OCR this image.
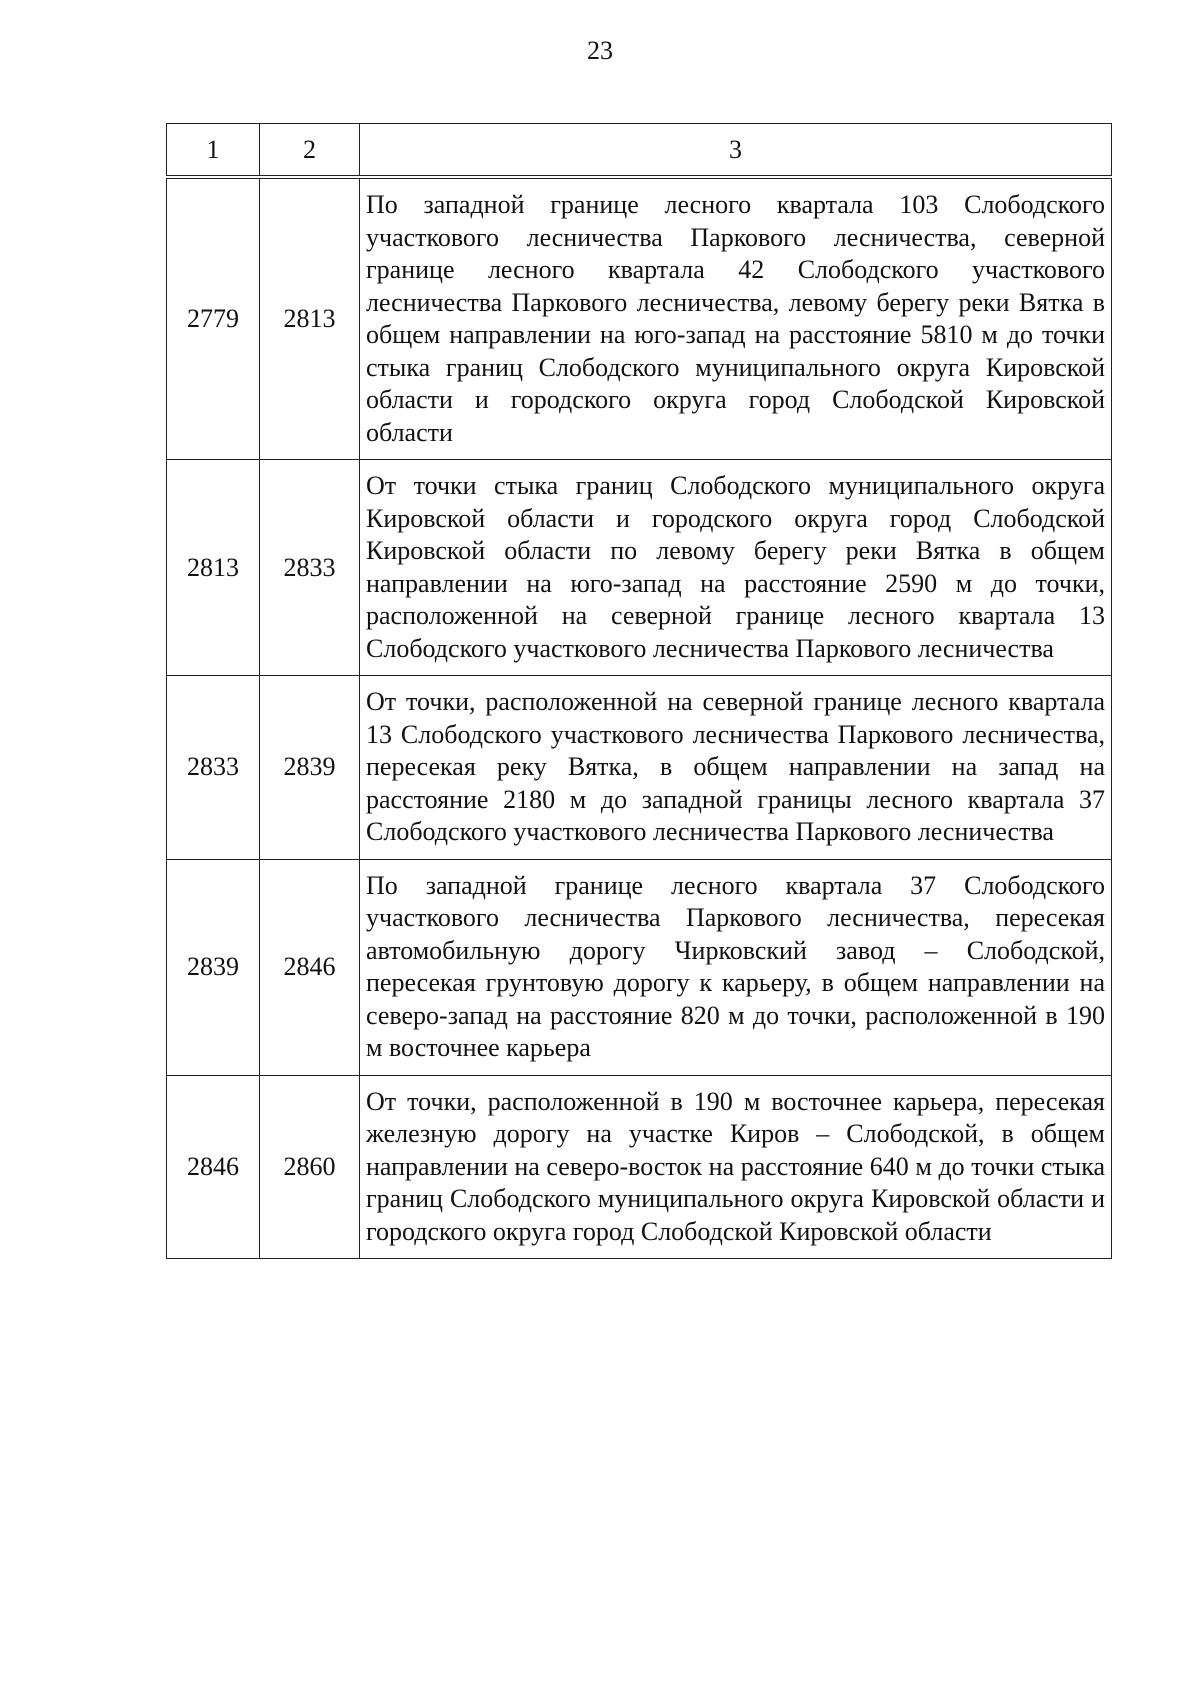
23
1	2	3
2779	2813	По западной границе лесного квартала 103 Слободского участкового лесничества Паркового лесничества, северной границе лесного квартала 42 Слободского участкового лесничества Паркового лесничества, левому берегу реки Вятка в общем направлении на юго-запад на расстояние 5810 м до точки стыка границ Слободского муниципального округа Кировской области и городского округа город Слободской Кировской области

2813	2833	От точки стыка границ Слободского муниципального округа Кировской области и городского округа город Слободской Кировской области по левому берегу реки Вятка в общем направлении на юго-запад на расстояние 2590 м до точки, расположенной на северной границе лесного квартала 13 Слободского участкового лесничества Паркового лесничества

2833	2839	От точки, расположенной на северной границе лесного квартала 13 Слободского участкового лесничества Паркового лесничества, пересекая реку Вятка, в общем направлении на запад на расстояние 2180 м до западной границы лесного квартала 37 Слободского участкового лесничества Паркового лесничества

2839	2846	По западной границе лесного квартала 37 Слободского участкового лесничества Паркового лесничества, пересекая автомобильную дорогу Чирковский завод – Слободской, пересекая грунтовую дорогу к карьеру, в общем направлении на северо-запад на расстояние 820 м до точки, расположенной в 190 м восточнее карьера

2846	2860	От точки, расположенной в 190 м восточнее карьера, пересекая железную дорогу на участке Киров – Слободской, в общем направлении на северо-восток на расстояние 640 м до точки стыка границ Слободского муниципального округа Кировской области и городского округа город Слободской Кировской области
